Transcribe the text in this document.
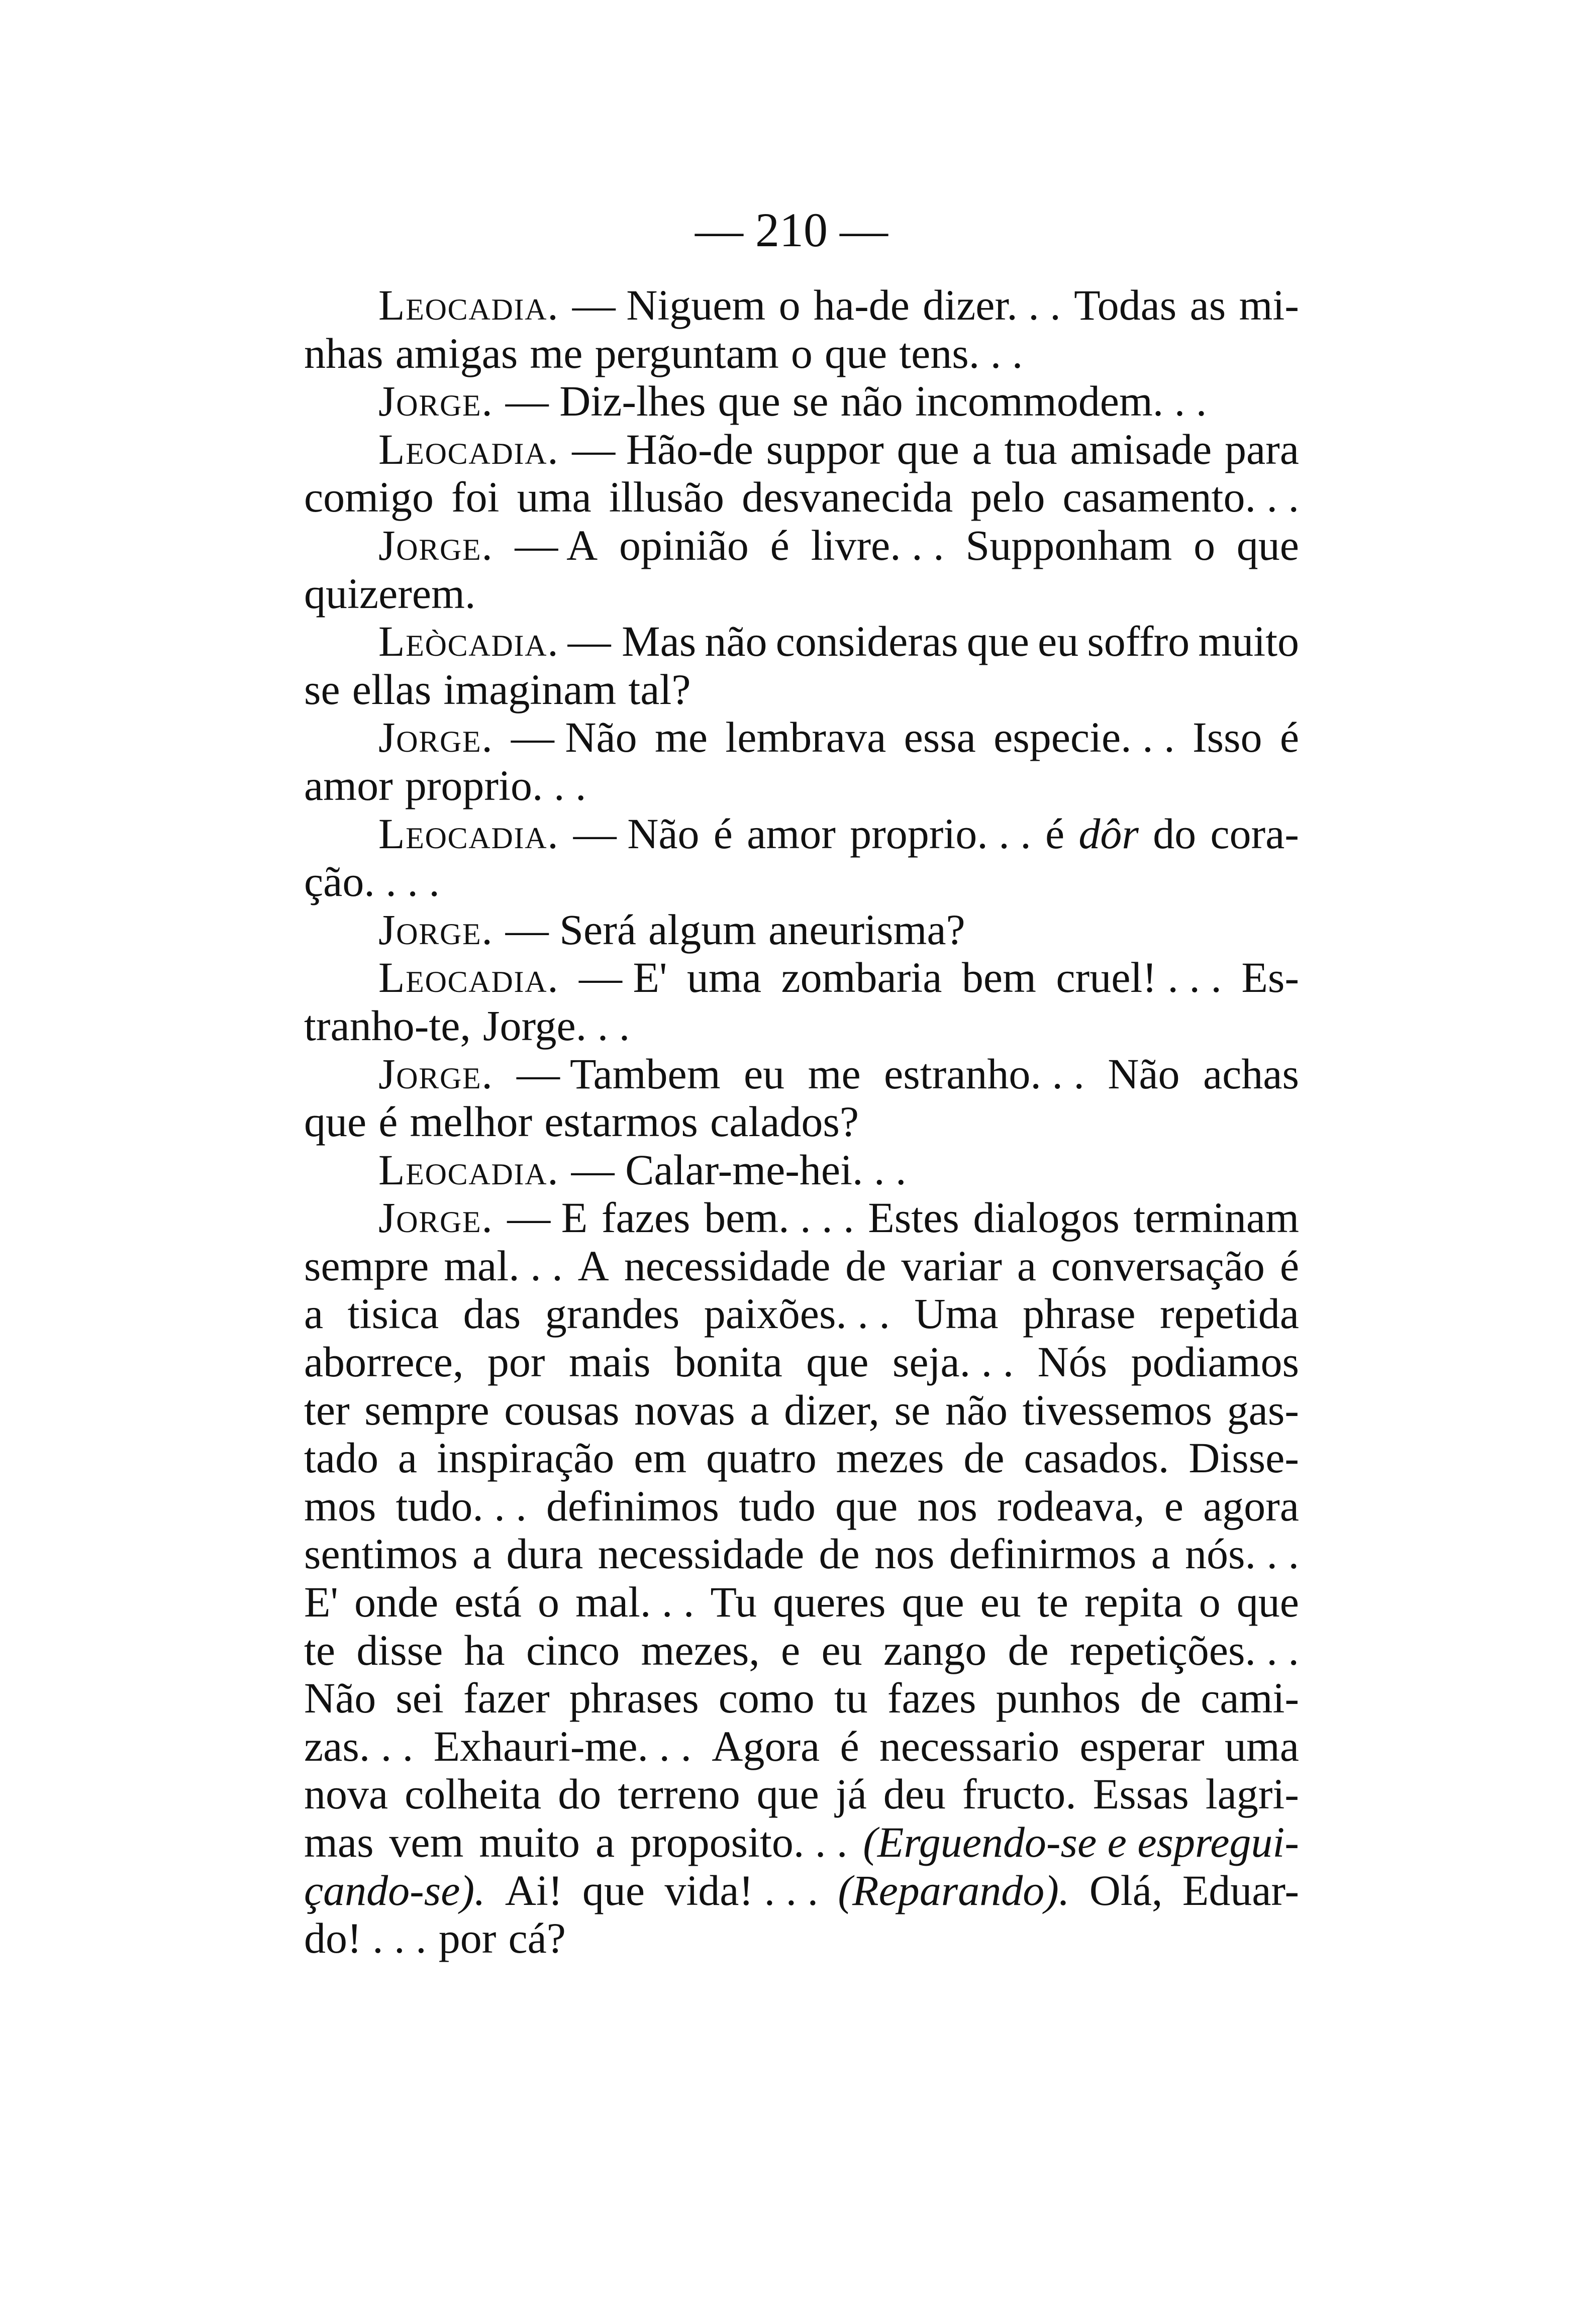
— 210 —
Leocadia. — Niguem o ha-de dizer. . . Todas as mi-
nhas amigas me perguntam o que tens. . .
Jorge. — Diz-lhes que se não incommodem. . .
Leocadia. — Hão-de suppor que a tua amisade para
comigo foi uma illusão desvanecida pelo casamento. . .
Jorge. — A opinião é livre. . . Supponham o que
quizerem.
Leòcadia. — Mas não consideras que eu soffro muito
se ellas imaginam tal?
Jorge. — Não me lembrava essa especie. . . Isso é
amor proprio. . .
Leocadia. — Não é amor proprio. . . é dôr do cora-
ção. . . .
Jorge. — Será algum aneurisma?
Leocadia. — E' uma zombaria bem cruel! . . . Es-
tranho-te, Jorge. . .
Jorge. — Tambem eu me estranho. . . Não achas
que é melhor estarmos calados?
Leocadia. — Calar-me-hei. . .
Jorge. — E fazes bem. . . . Estes dialogos terminam
sempre mal. . . A necessidade de variar a conversação é
a tisica das grandes paixões. . . Uma phrase repetida
aborrece, por mais bonita que seja. . . Nós podiamos
ter sempre cousas novas a dizer, se não tivessemos gas-
tado a inspiração em quatro mezes de casados. Disse-
mos tudo. . . definimos tudo que nos rodeava, e agora
sentimos a dura necessidade de nos definirmos a nós. . .
E' onde está o mal. . . Tu queres que eu te repita o que
te disse ha cinco mezes, e eu zango de repetições. . .
Não sei fazer phrases como tu fazes punhos de cami-
zas. . . Exhauri-me. . . Agora é necessario esperar uma
nova colheita do terreno que já deu fructo. Essas lagri-
mas vem muito a proposito. . . (Erguendo-se e espregui-
çando-se). Ai! que vida! . . . (Reparando). Olá, Eduar-
do! . . . por cá?
